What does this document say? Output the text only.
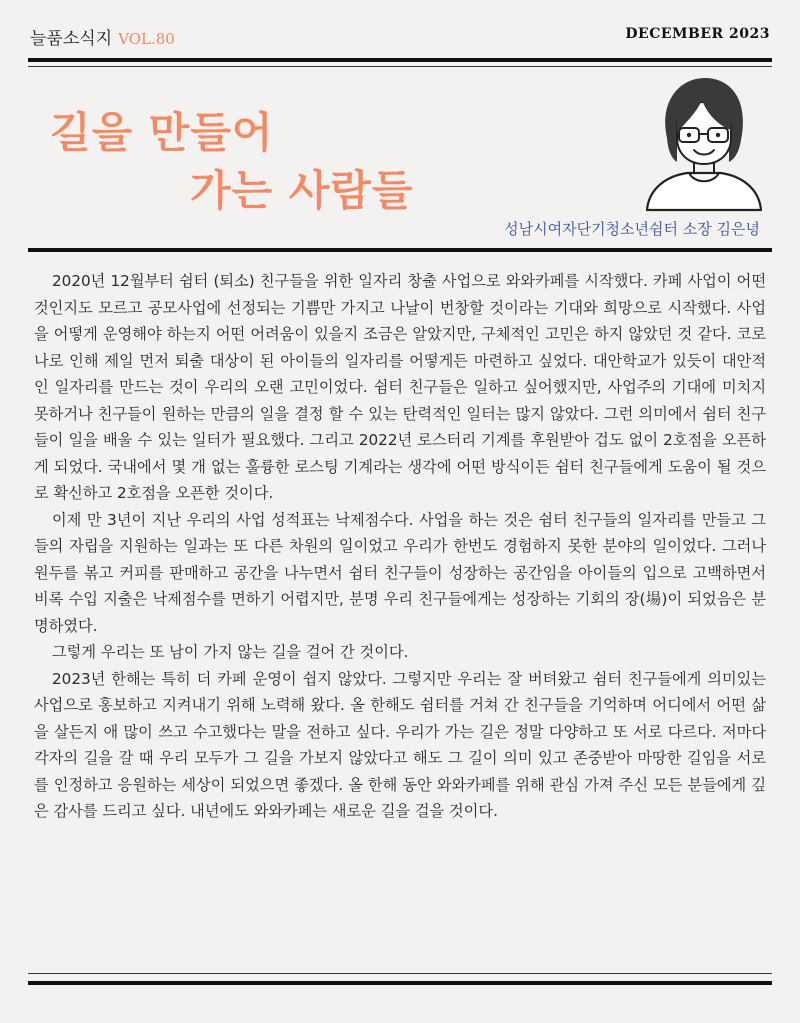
늘품소식지 VOL.80	DECEMBER 2023
길을 만들어
가는 사람들
성남시여자단기청소년쉼터 소장 김은녕

2020년 12월부터 쉼터 (퇴소) 친구들을 위한 일자리 창출 사업으로 와와카페를 시작했다. 카페 사업이 어떤 것인지도 모르고 공모사업에 선정되는 기쁨만 가지고 나날이 번창할 것이라는 기대와 희망으로 시작했다. 사업을 어떻게 운영해야 하는지 어떤 어려움이 있을지 조금은 알았지만, 구체적인 고민은 하지 않았던 것 같다. 코로나로 인해 제일 먼저 퇴출 대상이 된 아이들의 일자리를 어떻게든 마련하고 싶었다. 대안학교가 있듯이 대안적인 일자리를 만드는 것이 우리의 오랜 고민이었다. 쉼터 친구들은 일하고 싶어했지만, 사업주의 기대에 미치지 못하거나 친구들이 원하는 만큼의 일을 결정 할 수 있는 탄력적인 일터는 많지 않았다. 그런 의미에서 쉼터 친구들이 일을 배울 수 있는 일터가 필요했다. 그리고 2022년 로스터리 기계를 후원받아 겁도 없이 2호점을 오픈하게 되었다. 국내에서 몇 개 없는 훌륭한 로스팅 기계라는 생각에 어떤 방식이든 쉼터 친구들에게 도움이 될 것으로 확신하고 2호점을 오픈한 것이다.

이제 만 3년이 지난 우리의 사업 성적표는 낙제점수다. 사업을 하는 것은 쉼터 친구들의 일자리를 만들고 그들의 자립을 지원하는 일과는 또 다른 차원의 일이었고 우리가 한번도 경험하지 못한 분야의 일이었다. 그러나 원두를 볶고 커피를 판매하고 공간을 나누면서 쉼터 친구들이 성장하는 공간임을 아이들의 입으로 고백하면서 비록 수입 지출은 낙제점수를 면하기 어렵지만, 분명 우리 친구들에게는 성장하는 기회의 장(場)이 되었음은 분명하였다.

그렇게 우리는 또 남이 가지 않는 길을 걸어 간 것이다.

2023년 한해는 특히 더 카페 운영이 쉽지 않았다. 그렇지만 우리는 잘 버텨왔고 쉼터 친구들에게 의미있는 사업으로 홍보하고 지켜내기 위해 노력해 왔다. 올 한해도 쉼터를 거쳐 간 친구들을 기억하며 어디에서 어떤 삶을 살든지 애 많이 쓰고 수고했다는 말을 전하고 싶다. 우리가 가는 길은 정말 다양하고 또 서로 다르다. 저마다 각자의 길을 갈 때 우리 모두가 그 길을 가보지 않았다고 해도 그 길이 의미 있고 존중받아 마땅한 길임을 서로를 인정하고 응원하는 세상이 되었으면 좋겠다. 올 한해 동안 와와카페를 위해 관심 가져 주신 모든 분들에게 깊은 감사를 드리고 싶다. 내년에도 와와카페는 새로운 길을 걸을 것이다.
